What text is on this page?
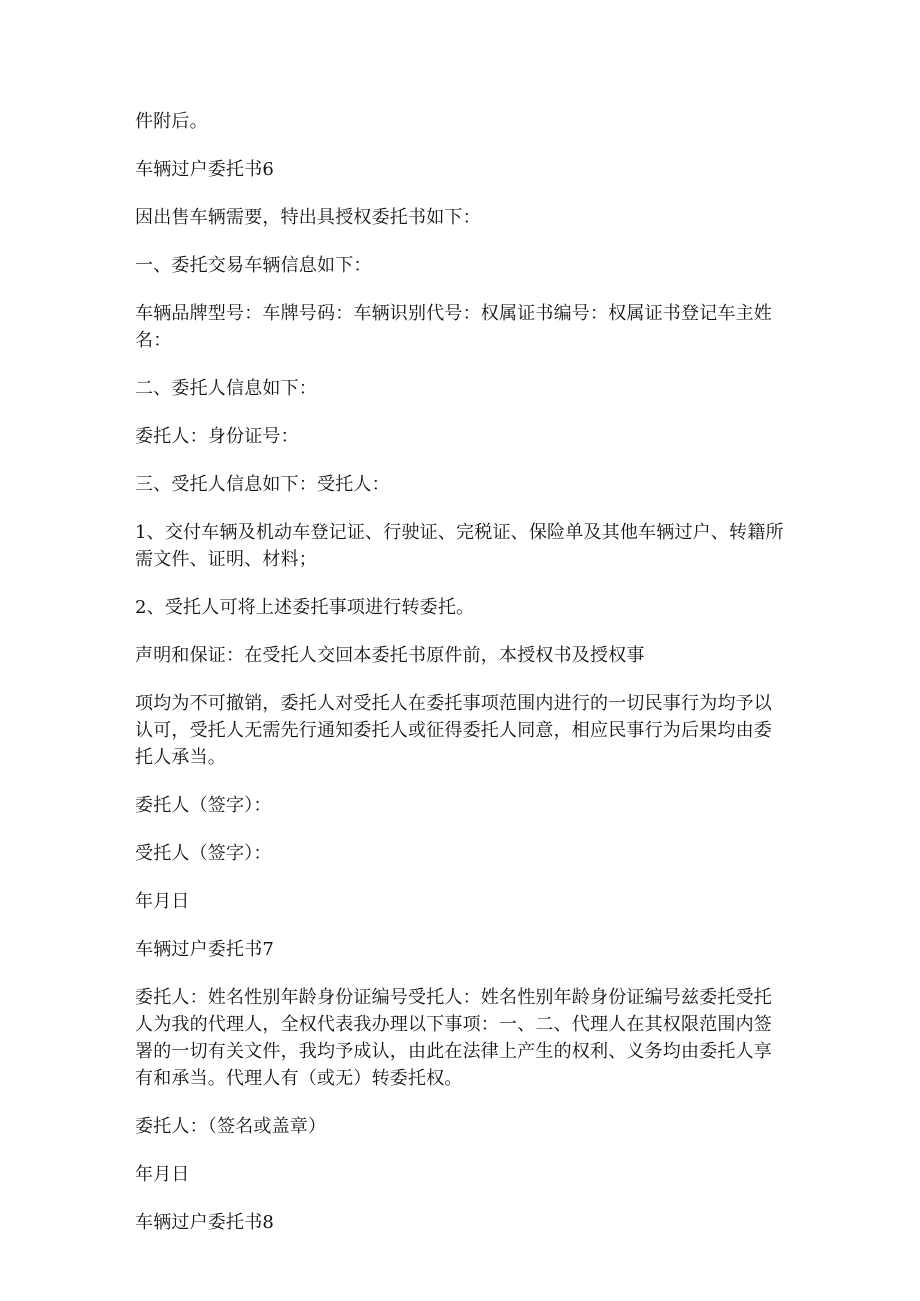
件附后。

车辆过户委托书6

因出售车辆需要，特出具授权委托书如下：

一、委托交易车辆信息如下：

车辆品牌型号：车牌号码：车辆识别代号：权属证书编号：权属证书登记车主姓名：

二、委托人信息如下：

委托人：身份证号：

三、受托人信息如下：受托人：

1、交付车辆及机动车登记证、行驶证、完税证、保险单及其他车辆过户、转籍所需文件、证明、材料；

2、受托人可将上述委托事项进行转委托。

声明和保证：在受托人交回本委托书原件前，本授权书及授权事

项均为不可撤销，委托人对受托人在委托事项范围内进行的一切民事行为均予以认可，受托人无需先行通知委托人或征得委托人同意，相应民事行为后果均由委托人承当。

委托人（签字）：

受托人（签字）：

年月日

车辆过户委托书7

委托人：姓名性别年龄身份证编号受托人：姓名性别年龄身份证编号兹委托受托人为我的代理人，全权代表我办理以下事项：一、二、代理人在其权限范围内签署的一切有关文件，我均予成认，由此在法律上产生的权利、义务均由委托人享有和承当。代理人有（或无）转委托权。

委托人：（签名或盖章）

年月日

车辆过户委托书8
